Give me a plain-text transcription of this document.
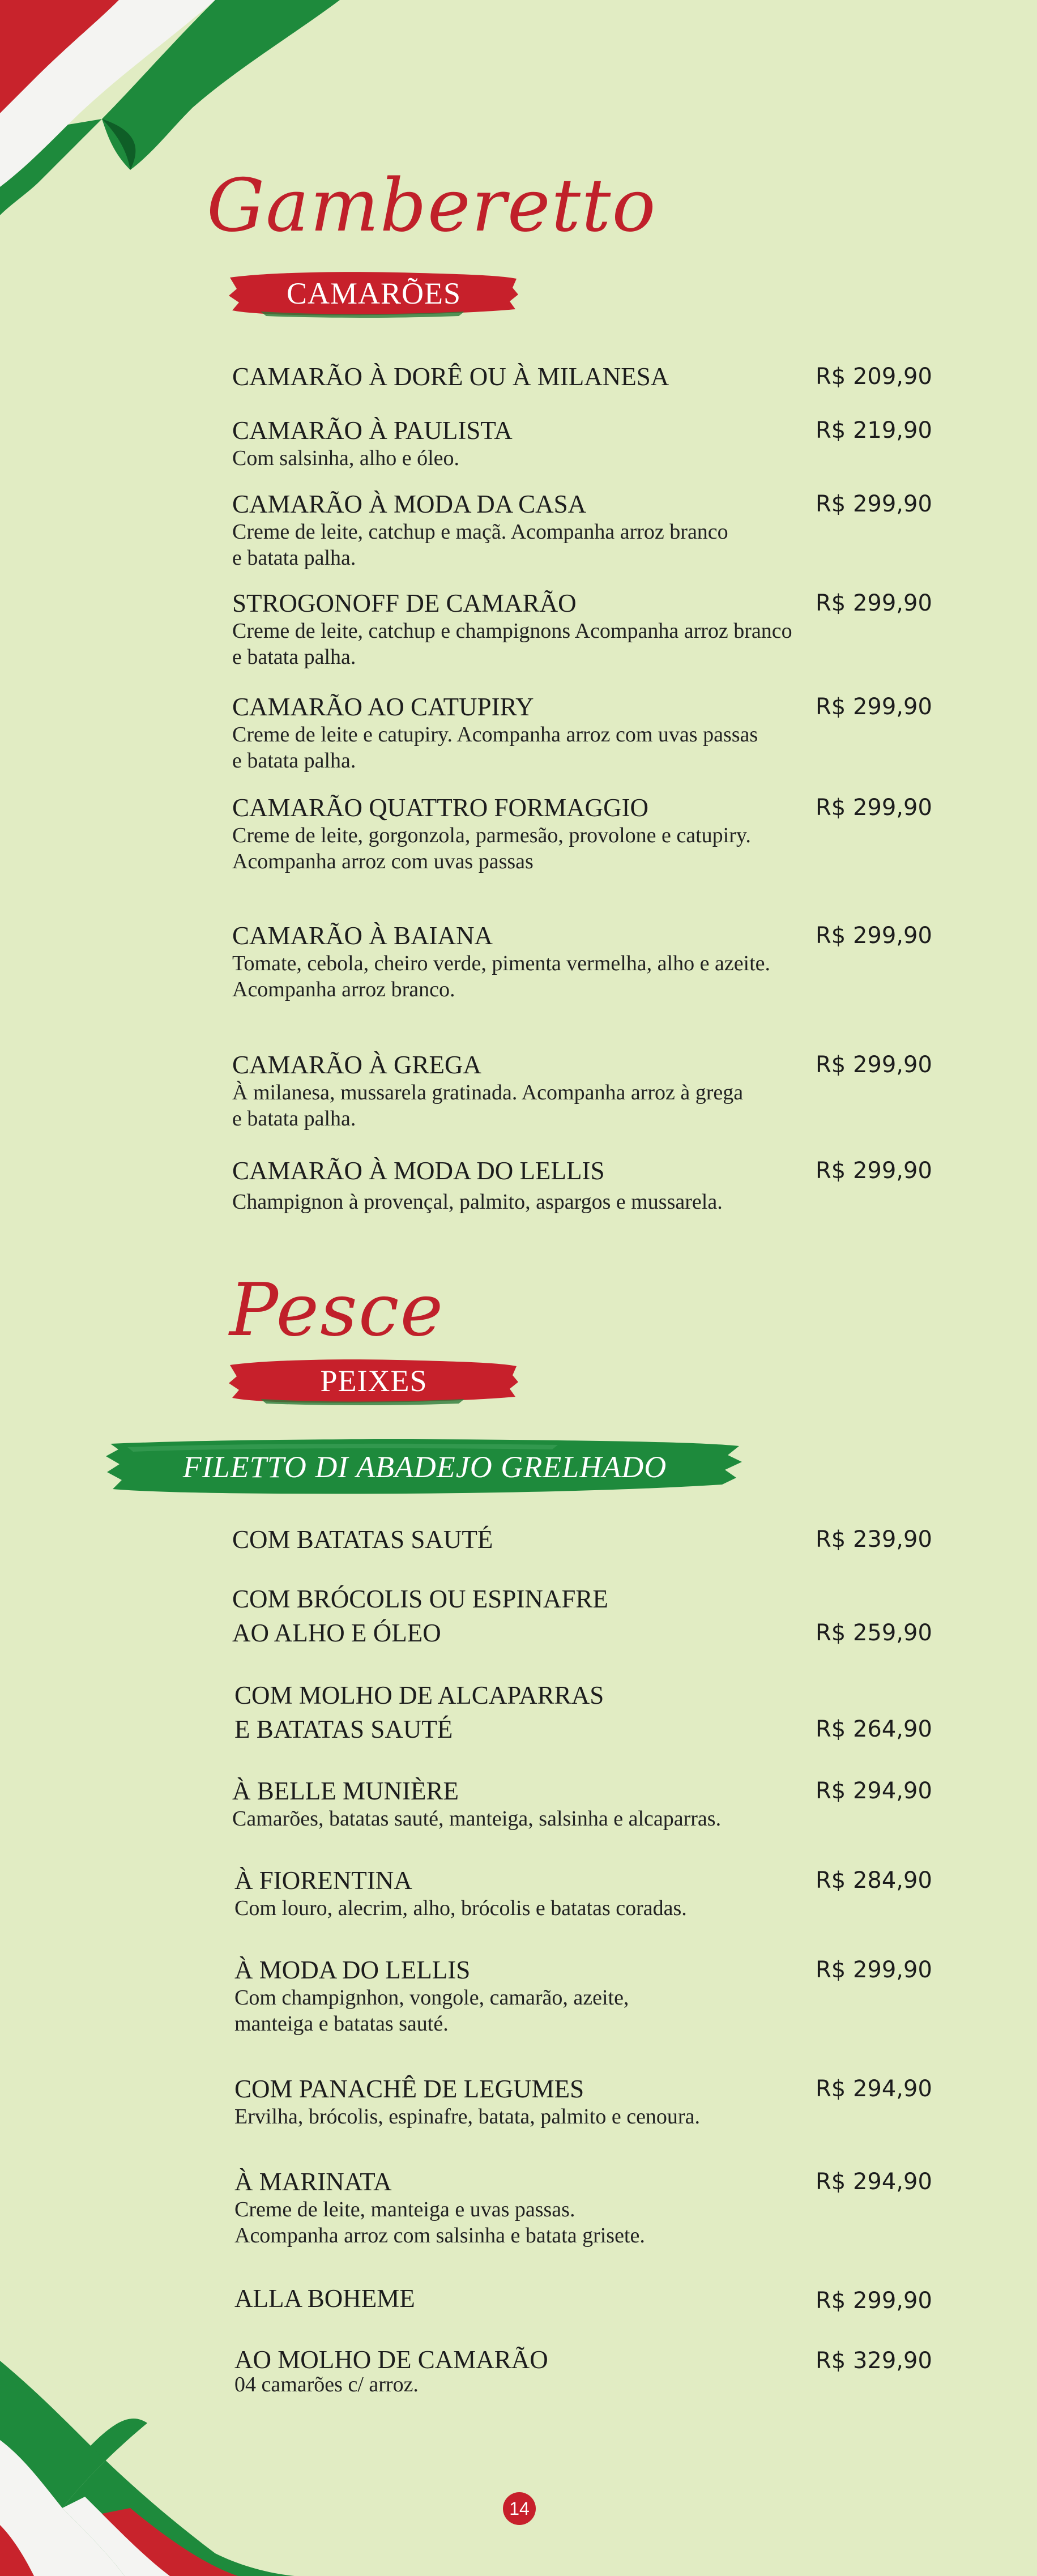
Gamberetto
CAMARÕES
CAMARÃO À DORÊ OU À MILANESA	R$ 209,90
CAMARÃO À PAULISTA	R$ 219,90
Com salsinha, alho e óleo.
CAMARÃO À MODA DA CASA	R$ 299,90
Creme de leite, catchup e maçã. Acompanha arroz branco
e batata palha.
STROGONOFF DE CAMARÃO	R$ 299,90
Creme de leite, catchup e champignons Acompanha arroz branco
e batata palha.
CAMARÃO AO CATUPIRY	R$ 299,90
Creme de leite e catupiry. Acompanha arroz com uvas passas
e batata palha.
CAMARÃO QUATTRO FORMAGGIO	R$ 299,90
Creme de leite, gorgonzola, parmesão, provolone e catupiry.
Acompanha arroz com uvas passas
CAMARÃO À BAIANA	R$ 299,90
Tomate, cebola, cheiro verde, pimenta vermelha, alho e azeite.
Acompanha arroz branco.
CAMARÃO À GREGA	R$ 299,90
À milanesa, mussarela gratinada. Acompanha arroz à grega
e batata palha.
CAMARÃO À MODA DO LELLIS	R$ 299,90
Champignon à provençal, palmito, aspargos e mussarela.
Pesce
PEIXES
FILETTO DI ABADEJO GRELHADO
COM BATATAS SAUTÉ	R$ 239,90
COM BRÓCOLIS OU ESPINAFRE
AO ALHO E ÓLEO	R$ 259,90
COM MOLHO DE ALCAPARRAS
E BATATAS SAUTÉ	R$ 264,90
À BELLE MUNIÈRE	R$ 294,90
Camarões, batatas sauté, manteiga, salsinha e alcaparras.
À FIORENTINA	R$ 284,90
Com louro, alecrim, alho, brócolis e batatas coradas.
À MODA DO LELLIS	R$ 299,90
Com champignhon, vongole, camarão, azeite,
manteiga e batatas sauté.
COM PANACHÊ DE LEGUMES	R$ 294,90
Ervilha, brócolis, espinafre, batata, palmito e cenoura.
À MARINATA	R$ 294,90
Creme de leite, manteiga e uvas passas.
Acompanha arroz com salsinha e batata grisete.
ALLA BOHEME	R$ 299,90
AO MOLHO DE CAMARÃO	R$ 329,90
04 camarões c/ arroz.
14
